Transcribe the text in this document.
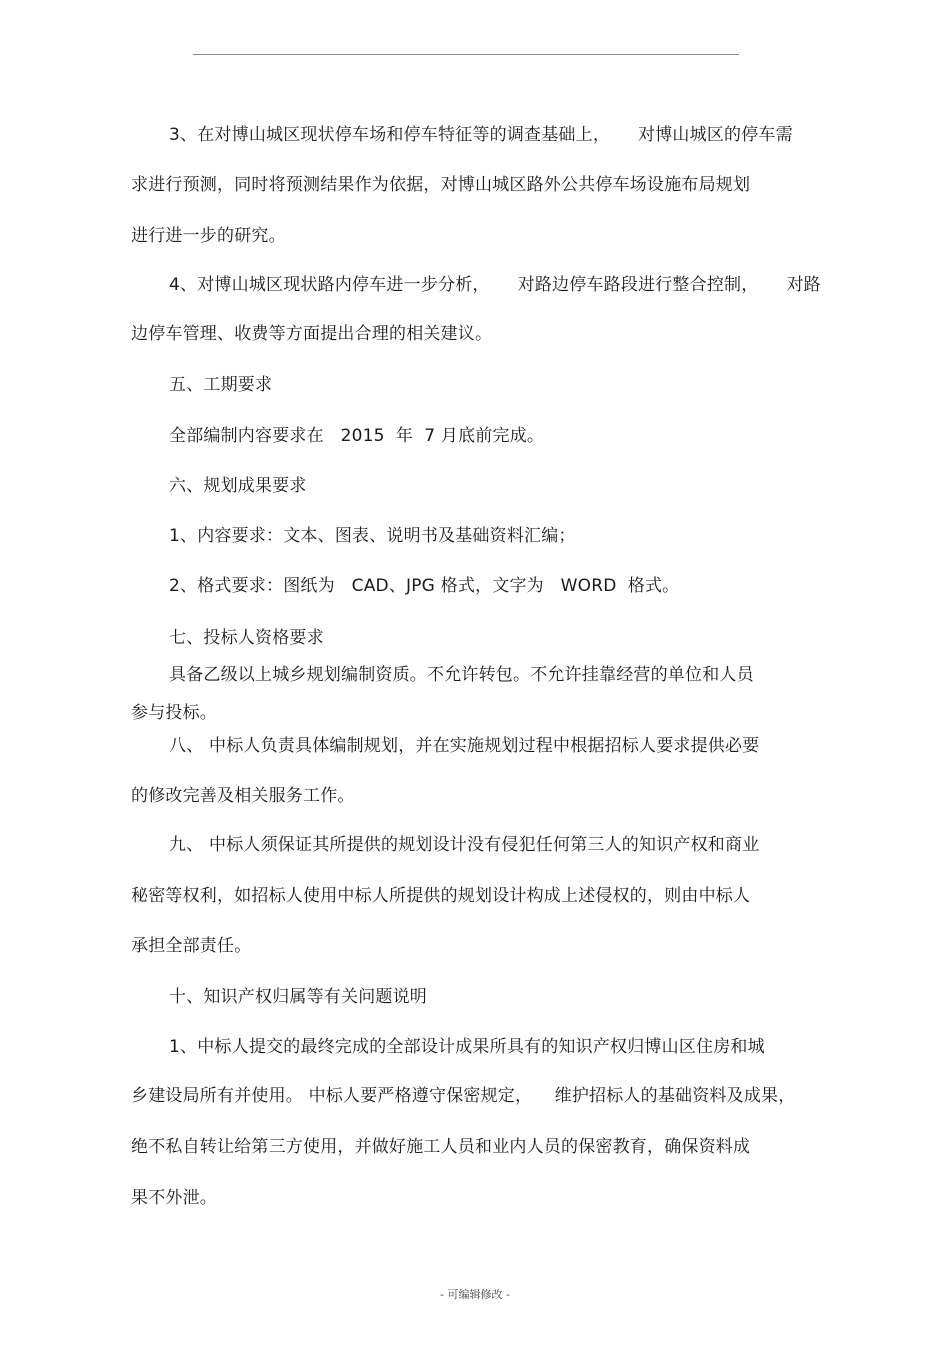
3、在对博山城区现状停车场和停车特征等的调查基础上，     对博山城区的停车需
求进行预测，同时将预测结果作为依据，对博山城区路外公共停车场设施布局规划
进行进一步的研究。
4、对博山城区现状路内停车进一步分析，     对路边停车路段进行整合控制，     对路
边停车管理、收费等方面提出合理的相关建议。
五、工期要求
全部编制内容要求在   2015  年  7 月底前完成。
六、规划成果要求
1、内容要求：文本、图表、说明书及基础资料汇编；
2、格式要求：图纸为   CAD、JPG 格式，文字为   WORD  格式。
七、投标人资格要求
具备乙级以上城乡规划编制资质。不允许转包。不允许挂靠经营的单位和人员
参与投标。
八、 中标人负责具体编制规划，并在实施规划过程中根据招标人要求提供必要
的修改完善及相关服务工作。
九、 中标人须保证其所提供的规划设计没有侵犯任何第三人的知识产权和商业
秘密等权利，如招标人使用中标人所提供的规划设计构成上述侵权的，则由中标人
承担全部责任。
十、知识产权归属等有关问题说明
1、中标人提交的最终完成的全部设计成果所具有的知识产权归博山区住房和城
乡建设局所有并使用。 中标人要严格遵守保密规定，    维护招标人的基础资料及成果，
绝不私自转让给第三方使用，并做好施工人员和业内人员的保密教育，确保资料成
果不外泄。
- 可编辑修改 -
